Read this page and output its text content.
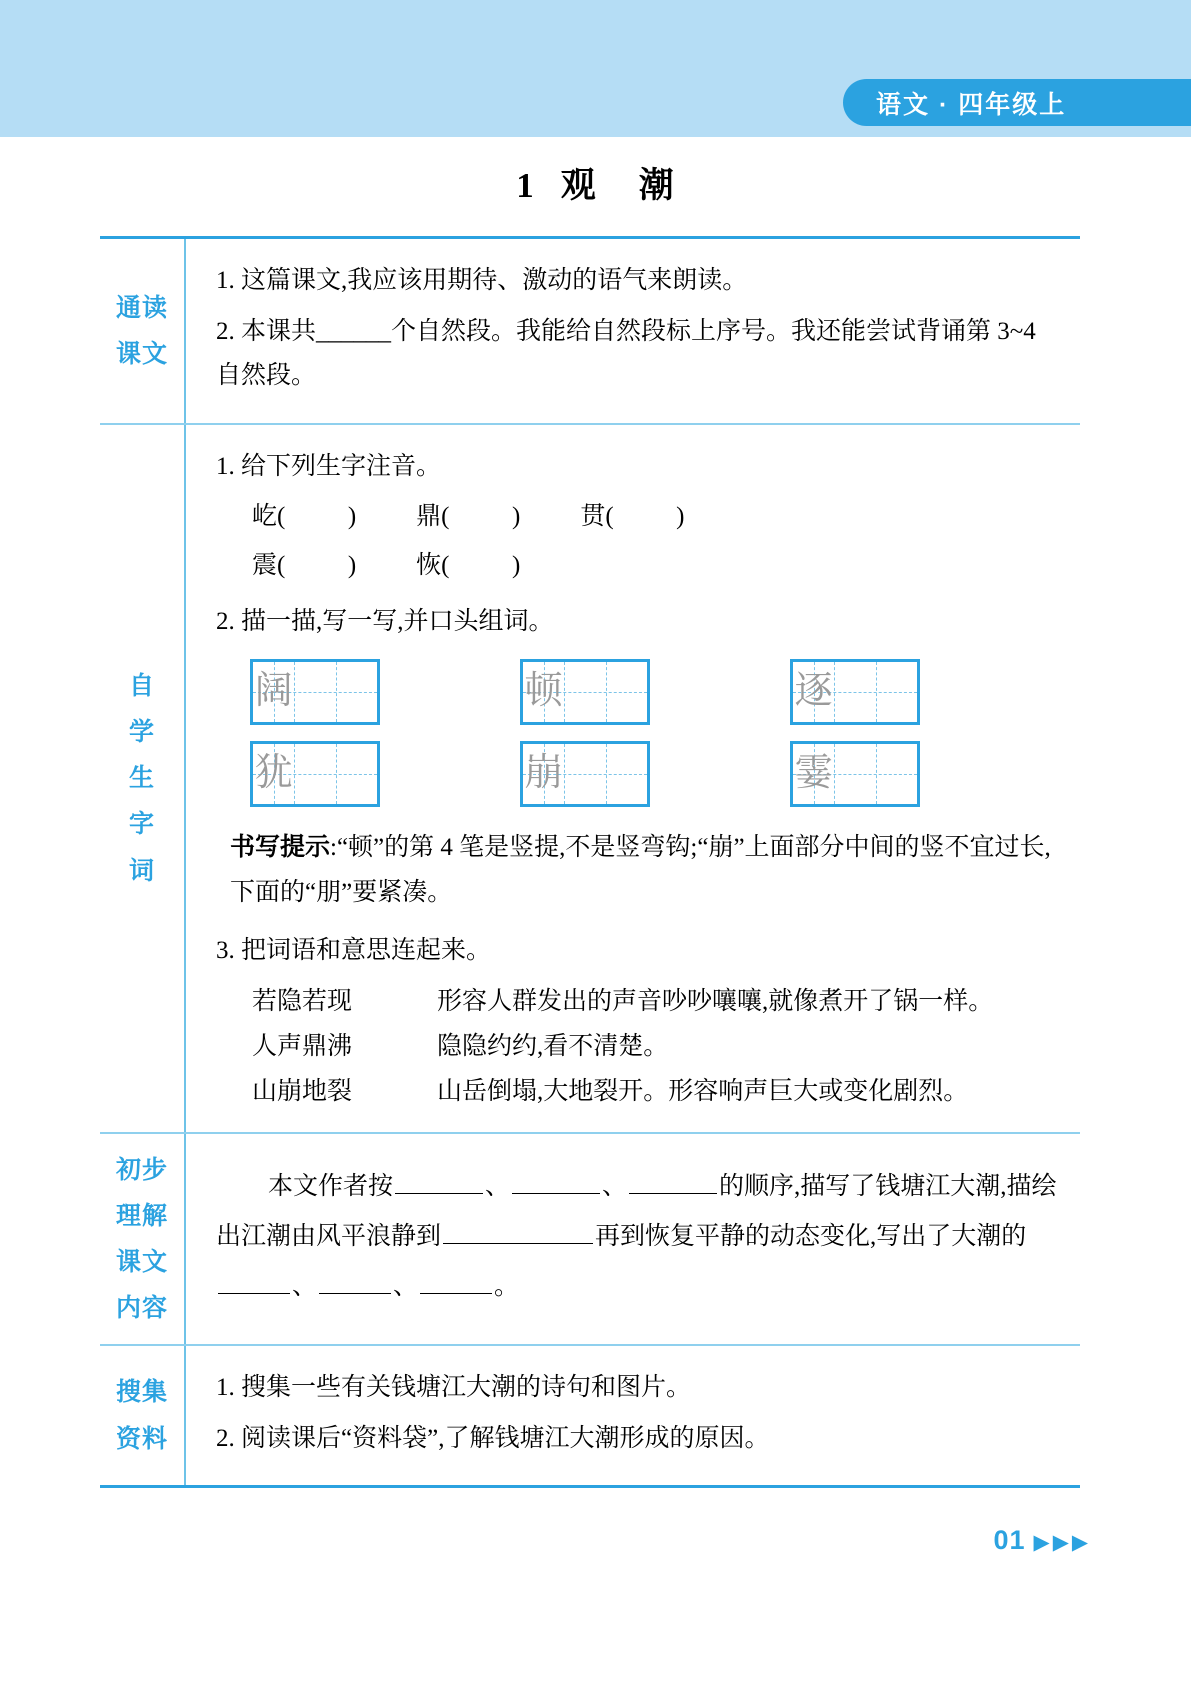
语文 · 四年级上
1 观 潮
通读
课文
1. 这篇课文,我应该用期待、激动的语气来朗读。
2. 本课共______个自然段。我能给自然段标上序号。我还能尝试背诵第 3~4 自然段。
自
学
生
字
词
1. 给下列生字注音。
屹(          ) 鼎(          ) 贯(          )
震(          ) 恢(          )
2. 描一描,写一写,并口头组词。
阔	顿	逐
犹	崩	霎
书写提示:“顿”的第 4 笔是竖提,不是竖弯钩;“崩”上面部分中间的竖不宜过长,下面的“朋”要紧凑。
3. 把词语和意思连起来。
若隐若现	形容人群发出的声音吵吵嚷嚷,就像煮开了锅一样。
人声鼎沸	隐隐约约,看不清楚。
山崩地裂	山岳倒塌,大地裂开。形容响声巨大或变化剧烈。
初步
理解
课文
内容
本文作者按	、	、	的顺序,描写了钱塘江大潮,描绘出江潮由风平浪静到	再到恢复平静的动态变化,写出了大潮的、	、	。
搜集
资料
1. 搜集一些有关钱塘江大潮的诗句和图片。
2. 阅读课后“资料袋”,了解钱塘江大潮形成的原因。
01 ▶▶▶
